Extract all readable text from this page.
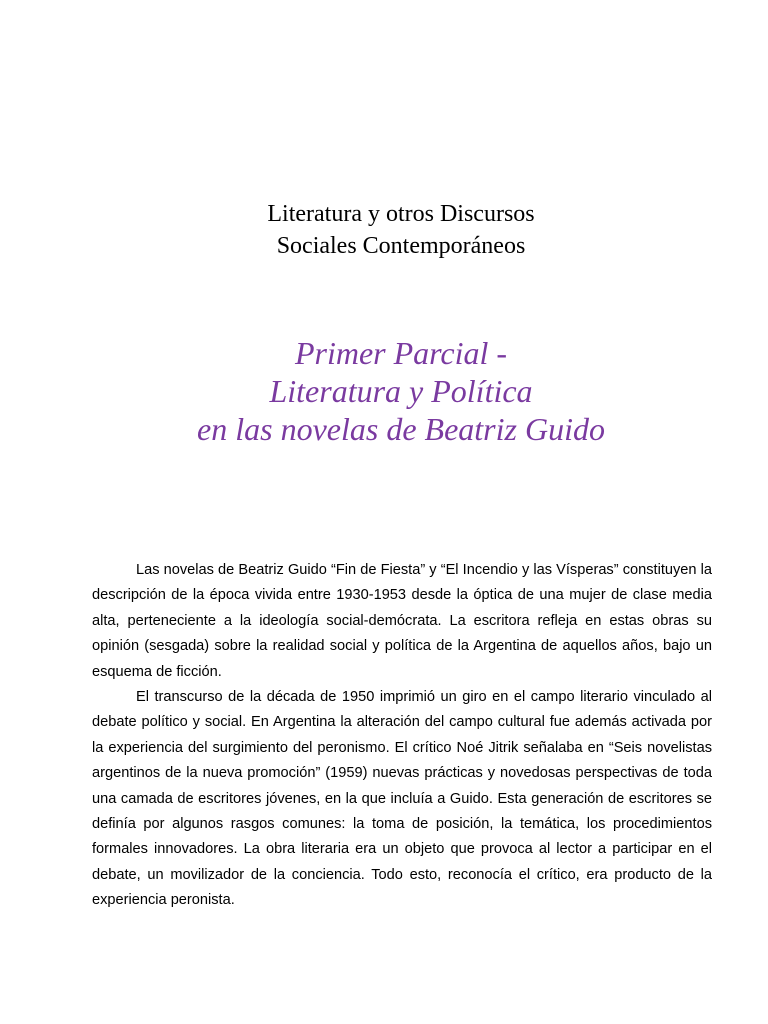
Literatura y otros Discursos
Sociales Contemporáneos
Primer Parcial -
Literatura y Política
en las novelas de Beatriz Guido

Las novelas de Beatriz Guido “Fin de Fiesta” y “El Incendio y las Vísperas” constituyen la descripción de la época vivida entre 1930-1953 desde la óptica de una mujer de clase media alta, perteneciente a la ideología social-demócrata. La escritora refleja en estas obras su opinión (sesgada) sobre la realidad social y política de la Argentina de aquellos años, bajo un esquema de ficción.

El transcurso de la década de 1950 imprimió un giro en el campo literario vinculado al debate político y social. En Argentina la alteración del campo cultural fue además activada por la experiencia del surgimiento del peronismo. El crítico Noé Jitrik señalaba en “Seis novelistas argentinos de la nueva promoción” (1959) nuevas prácticas y novedosas perspectivas de toda una camada de escritores jóvenes, en la que incluía a Guido. Esta generación de escritores se definía por algunos rasgos comunes: la toma de posición, la temática, los procedimientos formales innovadores. La obra literaria era un objeto que provoca al lector a participar en el debate, un movilizador de la conciencia. Todo esto, reconocía el crítico, era producto de la experiencia peronista.
